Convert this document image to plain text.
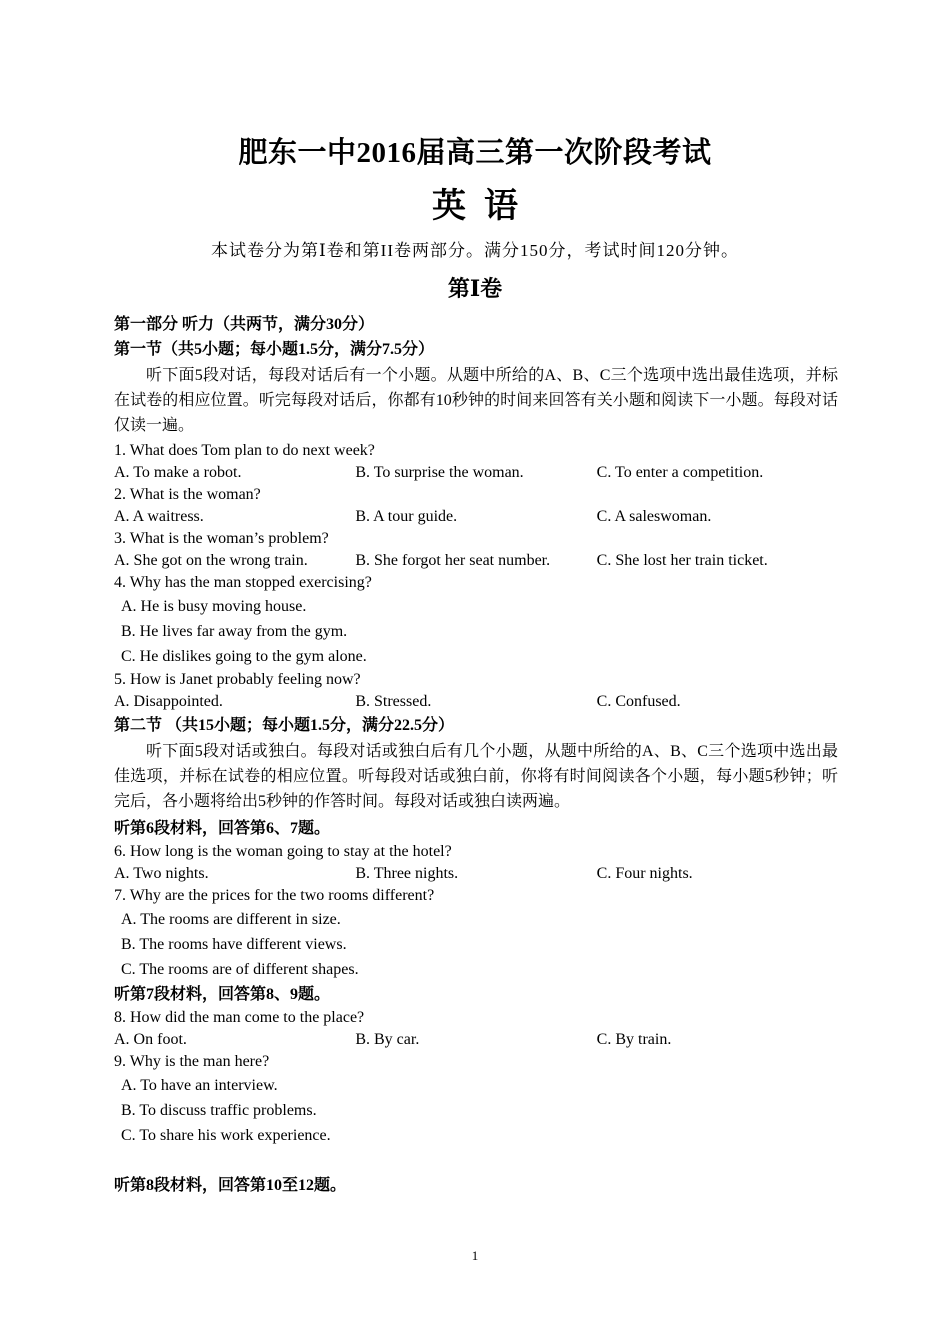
肥东一中2016届高三第一次阶段考试
英语
本试卷分为第Ⅰ卷和第II卷两部分。满分150分，考试时间120分钟。
第Ⅰ卷
第一部分 听力（共两节，满分30分）
第一节（共5小题；每小题1.5分，满分7.5分）
听下面5段对话，每段对话后有一个小题。从题中所给的A、B、C三个选项中选出最佳选项，并标在试卷的相应位置。听完每段对话后，你都有10秒钟的时间来回答有关小题和阅读下一小题。每段对话仅读一遍。
1. What does Tom plan to do next week?
A. To make a robot.	B. To surprise the woman.	C. To enter a competition.
2. What is the woman?
A. A waitress.	B. A tour guide.	C. A saleswoman.
3. What is the woman’s problem?
A. She got on the wrong train.	B. She forgot her seat number.	C. She lost her train ticket.
4. Why has the man stopped exercising?
A. He is busy moving house.
B. He lives far away from the gym.
C. He dislikes going to the gym alone.
5. How is Janet probably feeling now?
A. Disappointed.	B. Stressed.	C. Confused.
第二节 （共15小题；每小题1.5分，满分22.5分）
听下面5段对话或独白。每段对话或独白后有几个小题，从题中所给的A、B、C三个选项中选出最佳选项，并标在试卷的相应位置。听每段对话或独白前，你将有时间阅读各个小题，每小题5秒钟；听完后，各小题将给出5秒钟的作答时间。每段对话或独白读两遍。
听第6段材料，回答第6、7题。
6. How long is the woman going to stay at the hotel?
A. Two nights.	B. Three nights.	C. Four nights.
7. Why are the prices for the two rooms different?
A. The rooms are different in size.
B. The rooms have different views.
C. The rooms are of different shapes.
听第7段材料，回答第8、9题。
8. How did the man come to the place?
A. On foot.	B. By car.	C. By train.
9. Why is the man here?
A. To have an interview.
B. To discuss traffic problems.
C. To share his work experience.
听第8段材料，回答第10至12题。
1
